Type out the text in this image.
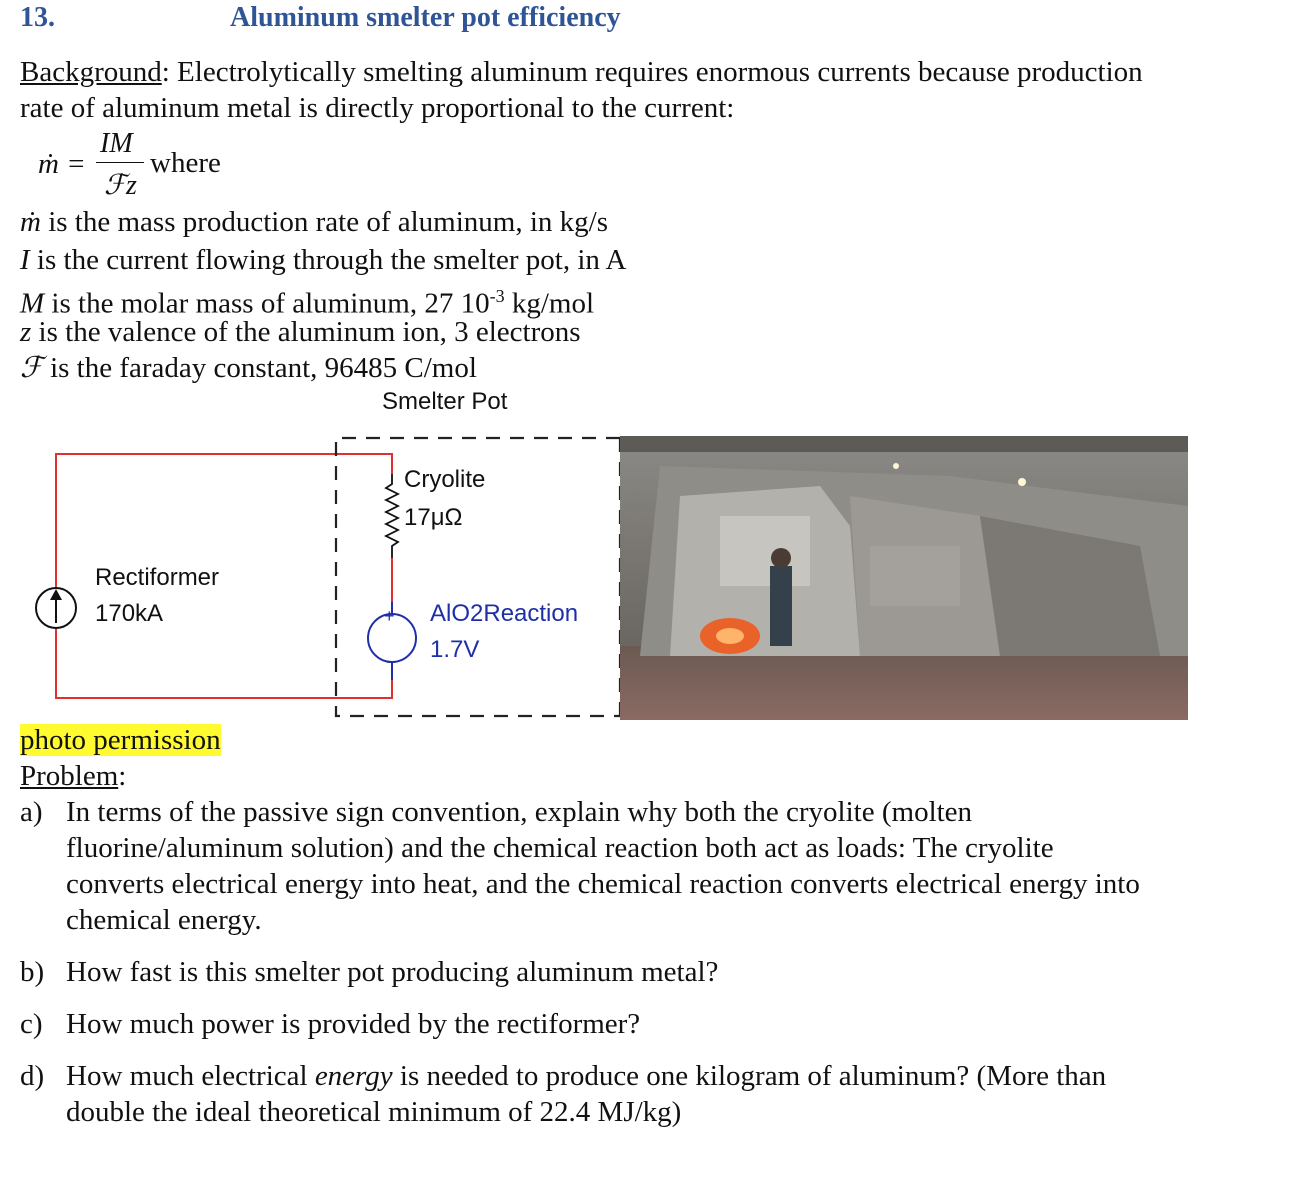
13.	Aluminum smelter pot efficiency
Background: Electrolytically smelting aluminum requires enormous currents because production
rate of aluminum metal is directly proportional to the current:
ṁ =
IM
ℱz
where
ṁ is the mass production rate of aluminum, in kg/s
I is the current flowing through the smelter pot, in A
M is the molar mass of aluminum, 27 $10^{-3}$ kg/mol
z is the valence of the aluminum ion, 3 electrons
ℱ is the faraday constant, 96485 C/mol
Smelter Pot
Cryolite
17μΩ
Rectiformer
170kA	AlO2Reaction
1.7V
+
−
photo permission
Problem:
a) In terms of the passive sign convention, explain why both the cryolite (molten
fluorine/aluminum solution) and the chemical reaction both act as loads: The cryolite
converts electrical energy into heat, and the chemical reaction converts electrical energy into
chemical energy.
b) How fast is this smelter pot producing aluminum metal?
c) How much power is provided by the rectiformer?
d) How much electrical energy is needed to produce one kilogram of aluminum? (More than
double the ideal theoretical minimum of 22.4 MJ/kg)
